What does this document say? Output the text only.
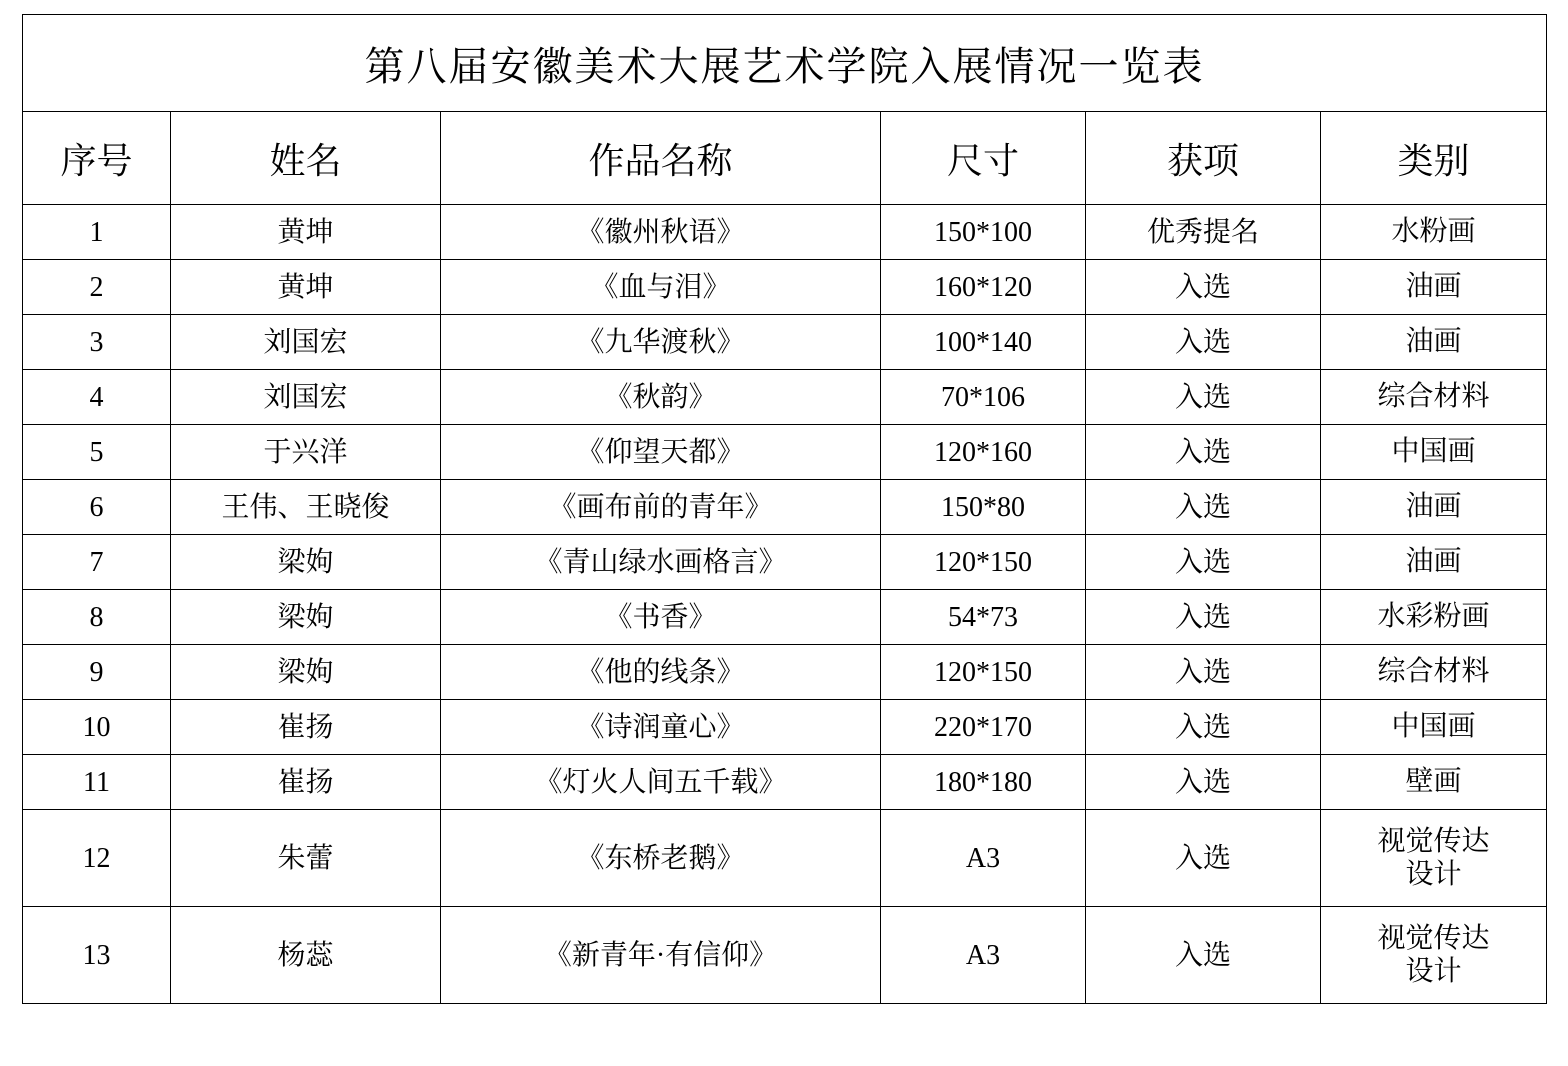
第八届安徽美术大展艺术学院入展情况一览表					
序号	姓名	作品名称	尺寸	获项	类别
1	黄坤	《徽州秋语》	150*100	优秀提名	水粉画

2	黄坤	《血与泪》	160*120	入选	油画

3	刘国宏	《九华渡秋》	100*140	入选	油画

4	刘国宏	《秋韵》	70*106	入选	综合材料

5	于兴洋	《仰望天都》	120*160	入选	中国画

6	王伟、王晓俊	《画布前的青年》	150*80	入选	油画

7	梁姁	《青山绿水画格言》	120*150	入选	油画

8	梁姁	《书香》	54*73	入选	水彩粉画

9	梁姁	《他的线条》	120*150	入选	综合材料

10	崔扬	《诗润童心》	220*170	入选	中国画

11	崔扬	《灯火人间五千载》	180*180	入选	壁画

12	朱蕾	《东桥老鹅》	A3	入选	视觉传达
设计

13	杨蕊	《新青年·有信仰》	A3	入选	视觉传达
设计
